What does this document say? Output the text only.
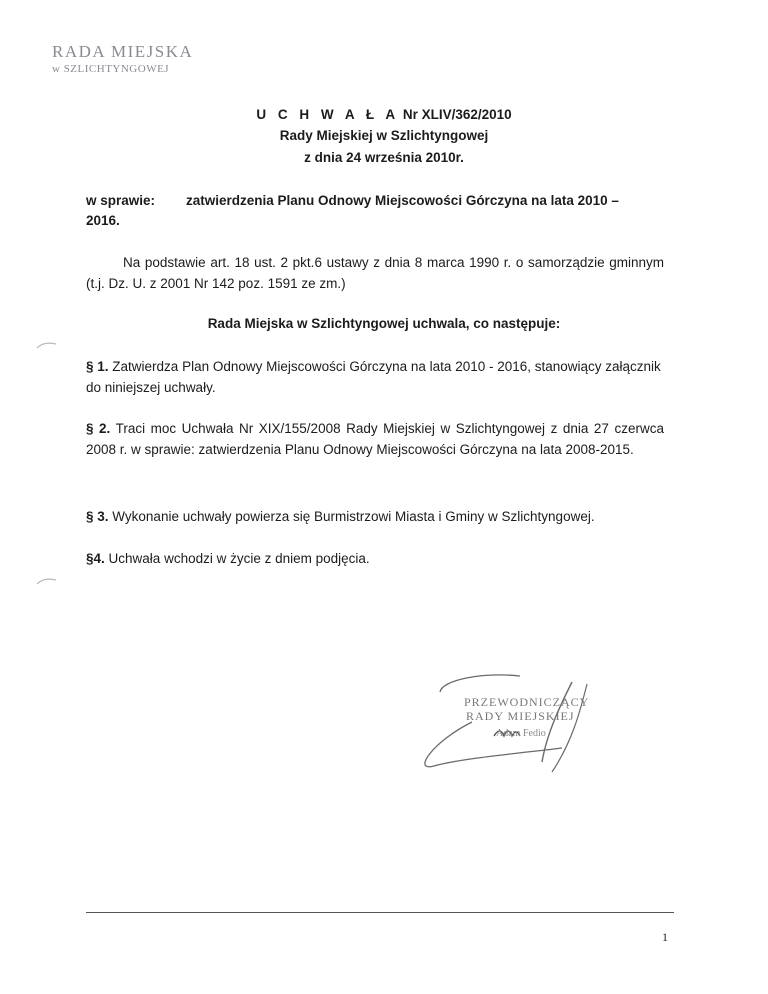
RADA MIEJSKA
w SZLICHTYNGOWEJ
U C H W A Ł A Nr XLIV/362/2010
Rady Miejskiej w Szlichtyngowej
z dnia 24 września 2010r.
w sprawie: zatwierdzenia Planu Odnowy Miejscowości Górczyna na lata 2010 –
2016.
Na podstawie art. 18 ust. 2 pkt.6 ustawy z dnia 8 marca 1990 r. o samorządzie gminnym (t.j. Dz. U. z 2001 Nr 142 poz. 1591 ze zm.)
Rada Miejska w Szlichtyngowej uchwala, co następuje:
§ 1. Zatwierdza Plan Odnowy Miejscowości Górczyna na lata 2010 - 2016, stanowiący załącznik do niniejszej uchwały.
§ 2. Traci moc Uchwała Nr XIX/155/2008 Rady Miejskiej w Szlichtyngowej z dnia 27 czerwca 2008 r. w sprawie: zatwierdzenia Planu Odnowy Miejscowości Górczyna na lata 2008-2015.
§ 3. Wykonanie uchwały powierza się Burmistrzowi Miasta i Gminy w Szlichtyngowej.
§4. Uchwała wchodzi w życie z dniem podjęcia.
PRZEWODNICZĄCY
RADY MIEJSKIEJ
Adam Fedio
1
